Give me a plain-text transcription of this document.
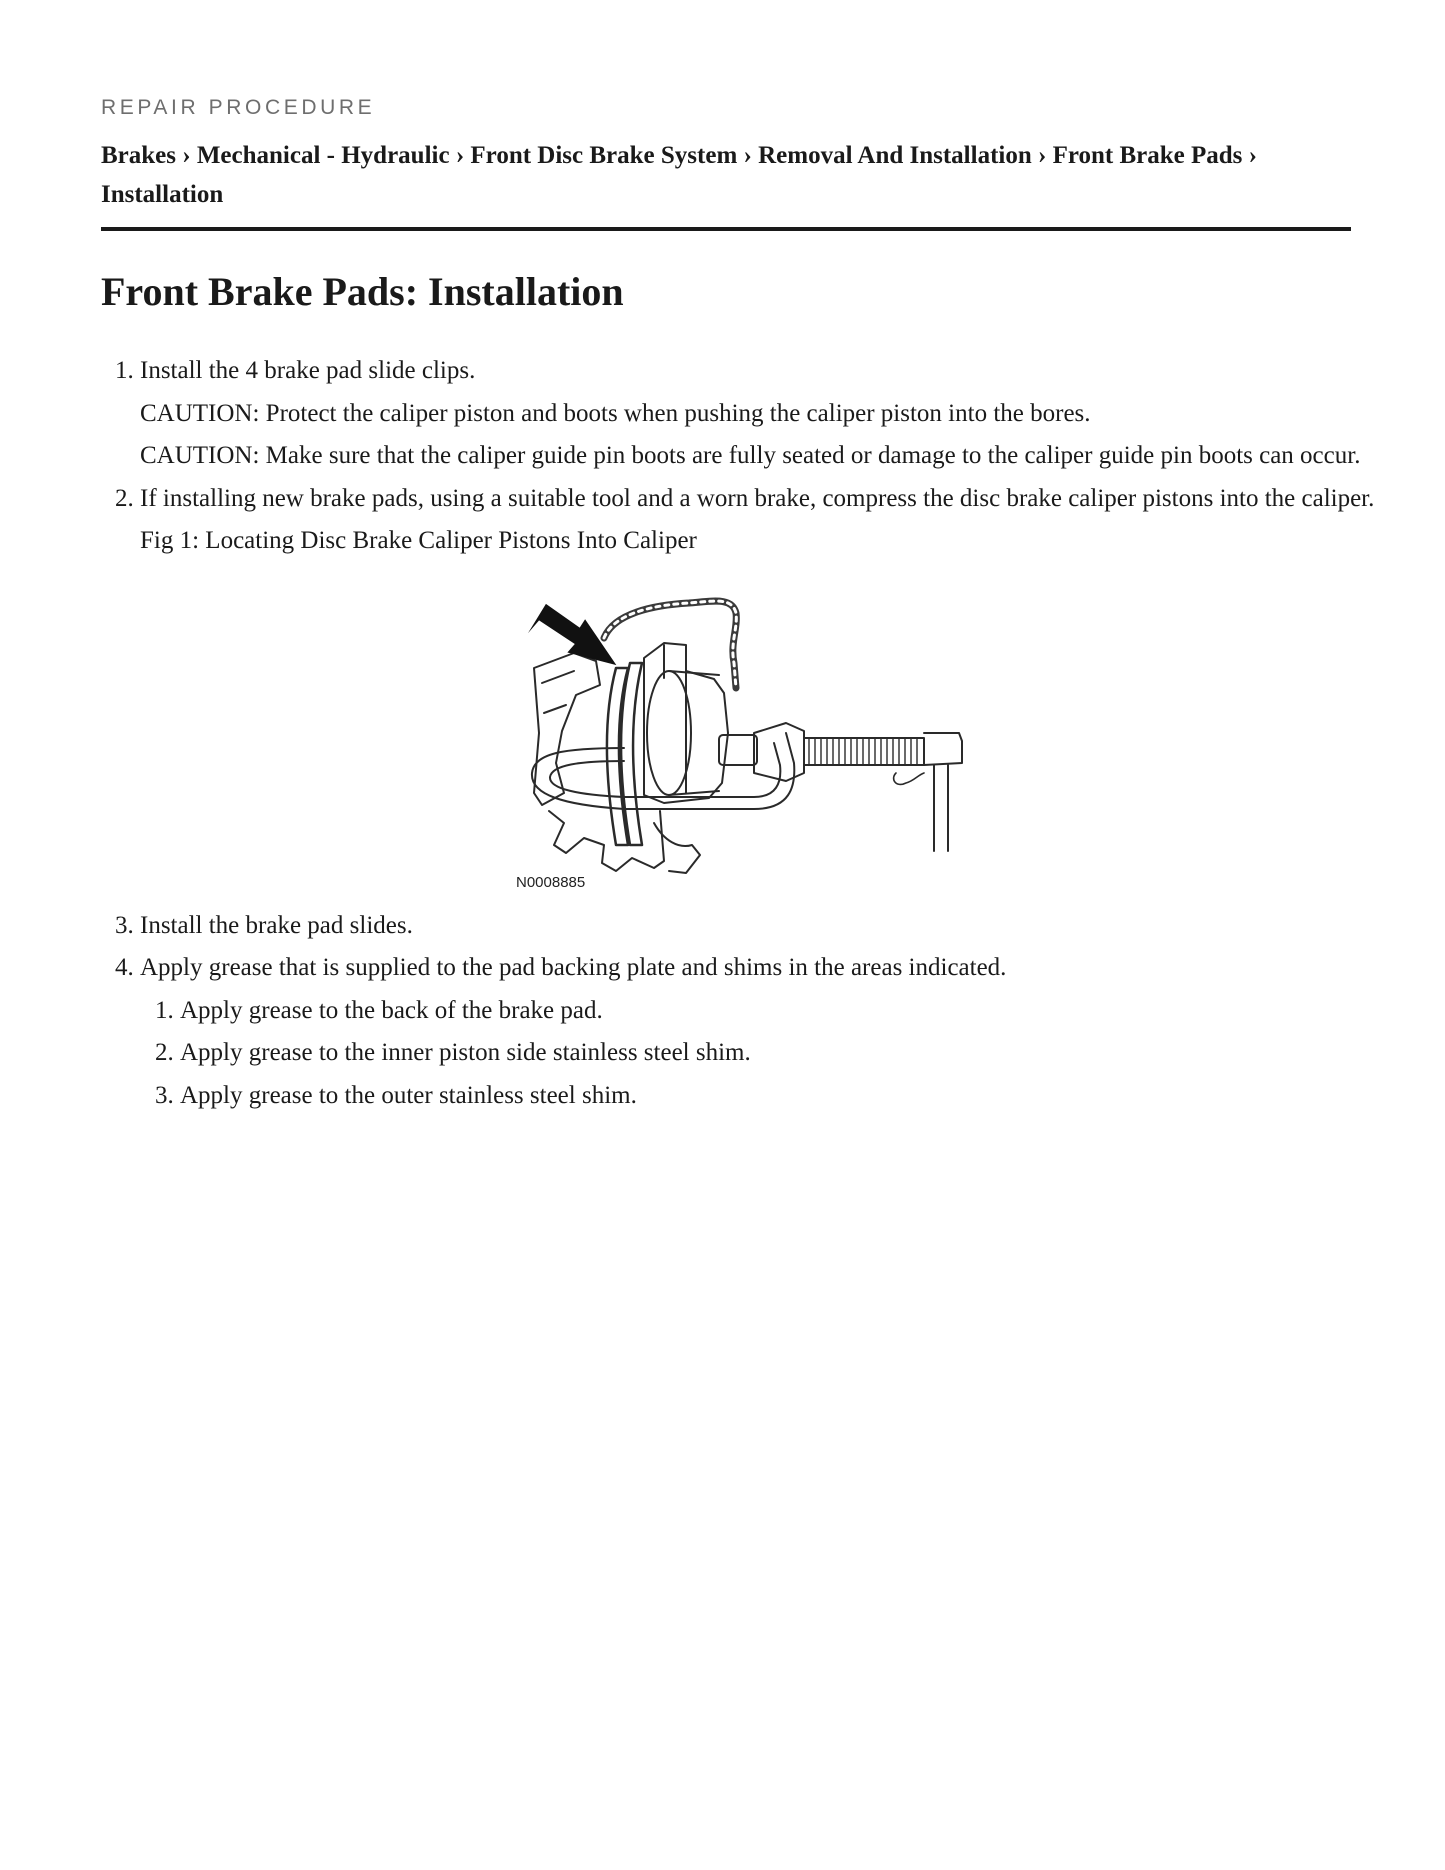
REPAIR PROCEDURE
Brakes › Mechanical - Hydraulic › Front Disc Brake System › Removal And Installation › Front Brake Pads › Installation
Front Brake Pads: Installation

1. Install the 4 brake pad slide clips.

CAUTION: Protect the caliper piston and boots when pushing the caliper piston into the bores.

CAUTION: Make sure that the caliper guide pin boots are fully seated or damage to the caliper guide pin boots can occur.

2. If installing new brake pads, using a suitable tool and a worn brake, compress the disc brake caliper pistons into the caliper.

Fig 1: Locating Disc Brake Caliper Pistons Into Caliper

N0008885

3. Install the brake pad slides.

4. Apply grease that is supplied to the pad backing plate and shims in the areas indicated.

1. Apply grease to the back of the brake pad.
2. Apply grease to the inner piston side stainless steel shim.
3. Apply grease to the outer stainless steel shim.
